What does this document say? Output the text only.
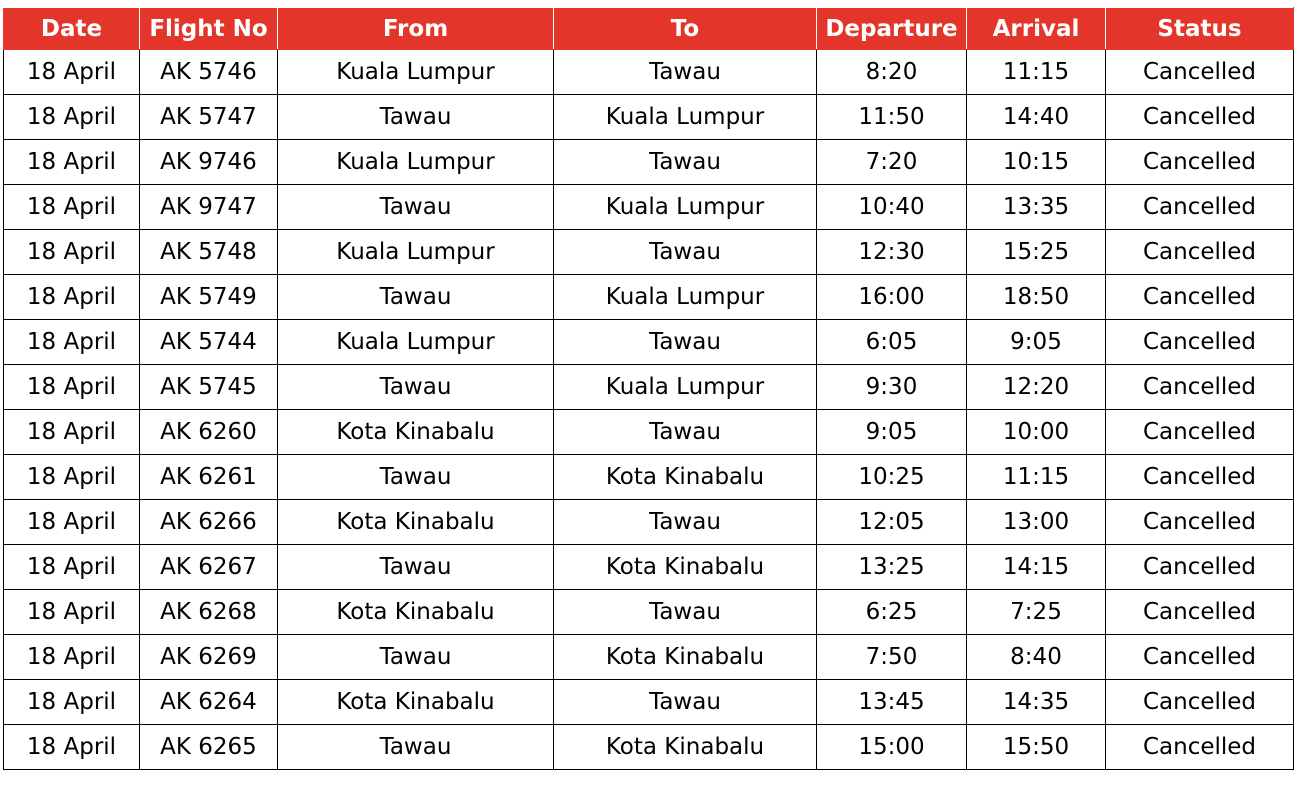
Date	Flight No	From	To	Departure	Arrival	Status
18 April	AK 5746	Kuala Lumpur	Tawau	8:20	11:15	Cancelled
18 April	AK 5747	Tawau	Kuala Lumpur	11:50	14:40	Cancelled
18 April	AK 9746	Kuala Lumpur	Tawau	7:20	10:15	Cancelled
18 April	AK 9747	Tawau	Kuala Lumpur	10:40	13:35	Cancelled
18 April	AK 5748	Kuala Lumpur	Tawau	12:30	15:25	Cancelled
18 April	AK 5749	Tawau	Kuala Lumpur	16:00	18:50	Cancelled
18 April	AK 5744	Kuala Lumpur	Tawau	6:05	9:05	Cancelled
18 April	AK 5745	Tawau	Kuala Lumpur	9:30	12:20	Cancelled
18 April	AK 6260	Kota Kinabalu	Tawau	9:05	10:00	Cancelled
18 April	AK 6261	Tawau	Kota Kinabalu	10:25	11:15	Cancelled
18 April	AK 6266	Kota Kinabalu	Tawau	12:05	13:00	Cancelled
18 April	AK 6267	Tawau	Kota Kinabalu	13:25	14:15	Cancelled
18 April	AK 6268	Kota Kinabalu	Tawau	6:25	7:25	Cancelled
18 April	AK 6269	Tawau	Kota Kinabalu	7:50	8:40	Cancelled
18 April	AK 6264	Kota Kinabalu	Tawau	13:45	14:35	Cancelled
18 April	AK 6265	Tawau	Kota Kinabalu	15:00	15:50	Cancelled
